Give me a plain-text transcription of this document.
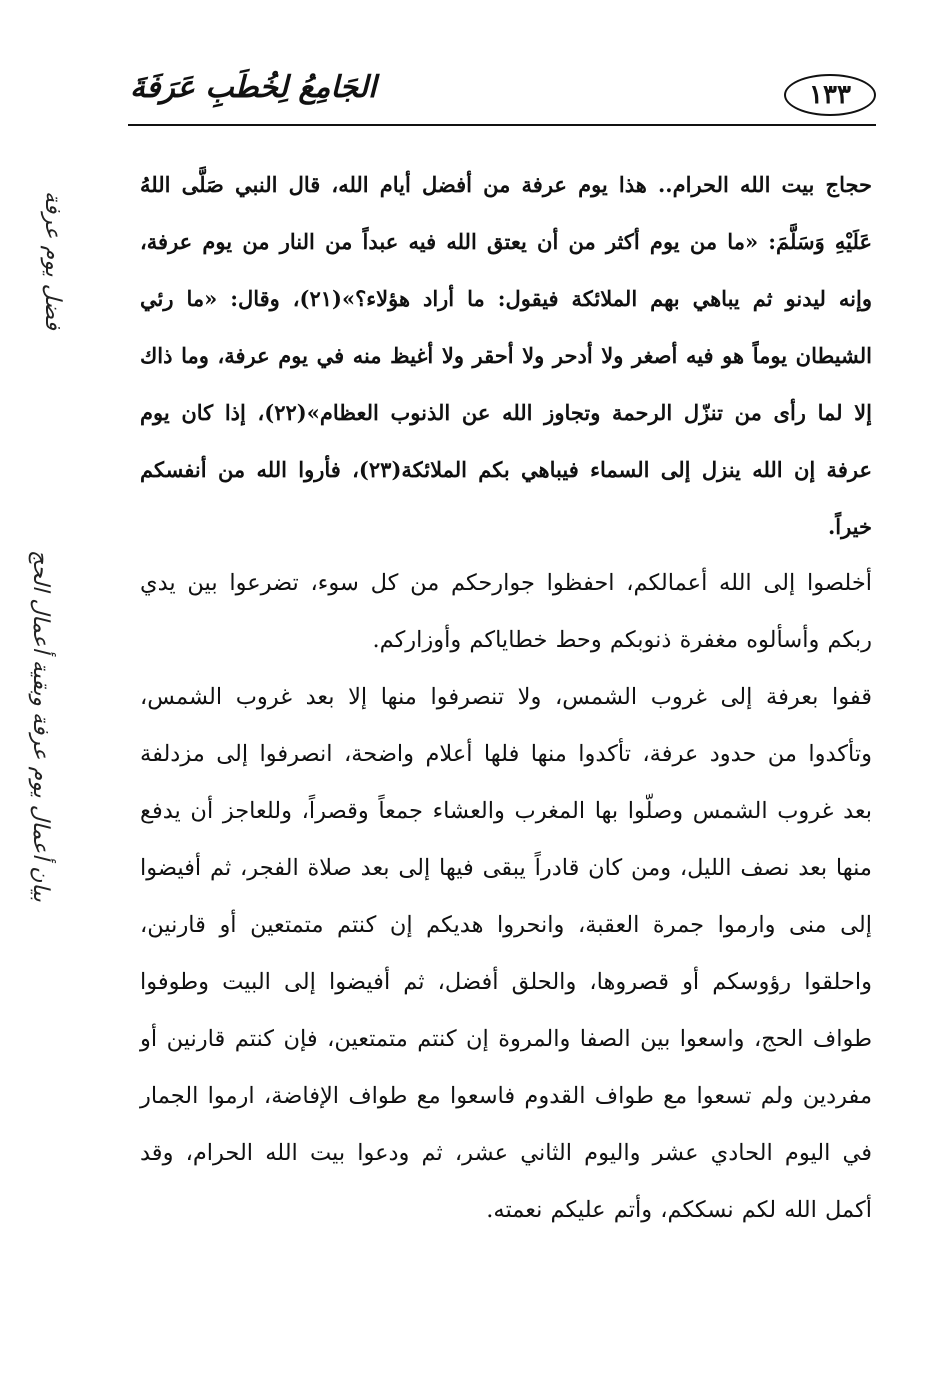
١٣٣
الجَامِعُ لِخُطَبِ عَرَفَةَ
فضل يوم عرفة
بيان أعمال يوم عرفة
وبقية أعمال الحج

حجاج بيت الله الحرام.. هذا يوم عرفة من أفضل أيام الله، قال النبي صَلَّى اللهُ عَلَيْهِ وَسَلَّمَ: «ما من يوم أكثر من أن يعتق الله فيه عبداً من النار من يوم عرفة، وإنه ليدنو ثم يباهي بهم الملائكة فيقول: ما أراد هؤلاء؟»(٢١)، وقال: «ما رئي الشيطان يوماً هو فيه أصغر ولا أدحر ولا أحقر ولا أغيظ منه في يوم عرفة، وما ذاك إلا لما رأى من تنزّل الرحمة وتجاوز الله عن الذنوب العظام»(٢٢)، إذا كان يوم عرفة إن الله ينزل إلى السماء فيباهي بكم الملائكة(٢٣)، فأروا الله من أنفسكم خيراً.

أخلصوا إلى الله أعمالكم، احفظوا جوارحكم من كل سوء، تضرعوا بين يدي ربكم وأسألوه مغفرة ذنوبكم وحط خطاياكم وأوزاركم.

قفوا بعرفة إلى غروب الشمس، ولا تنصرفوا منها إلا بعد غروب الشمس، وتأكدوا من حدود عرفة، تأكدوا منها فلها أعلام واضحة، انصرفوا إلى مزدلفة بعد غروب الشمس وصلّوا بها المغرب والعشاء جمعاً وقصراً، وللعاجز أن يدفع منها بعد نصف الليل، ومن كان قادراً يبقى فيها إلى بعد صلاة الفجر، ثم أفيضوا إلى منى وارموا جمرة العقبة، وانحروا هديكم إن كنتم متمتعين أو قارنين، واحلقوا رؤوسكم أو قصروها، والحلق أفضل، ثم أفيضوا إلى البيت وطوفوا طواف الحج، واسعوا بين الصفا والمروة إن كنتم متمتعين، فإن كنتم قارنين أو مفردين ولم تسعوا مع طواف القدوم فاسعوا مع طواف الإفاضة، ارموا الجمار في اليوم الحادي عشر واليوم الثاني عشر، ثم ودعوا بيت الله الحرام، وقد أكمل الله لكم نسككم، وأتم عليكم نعمته.
